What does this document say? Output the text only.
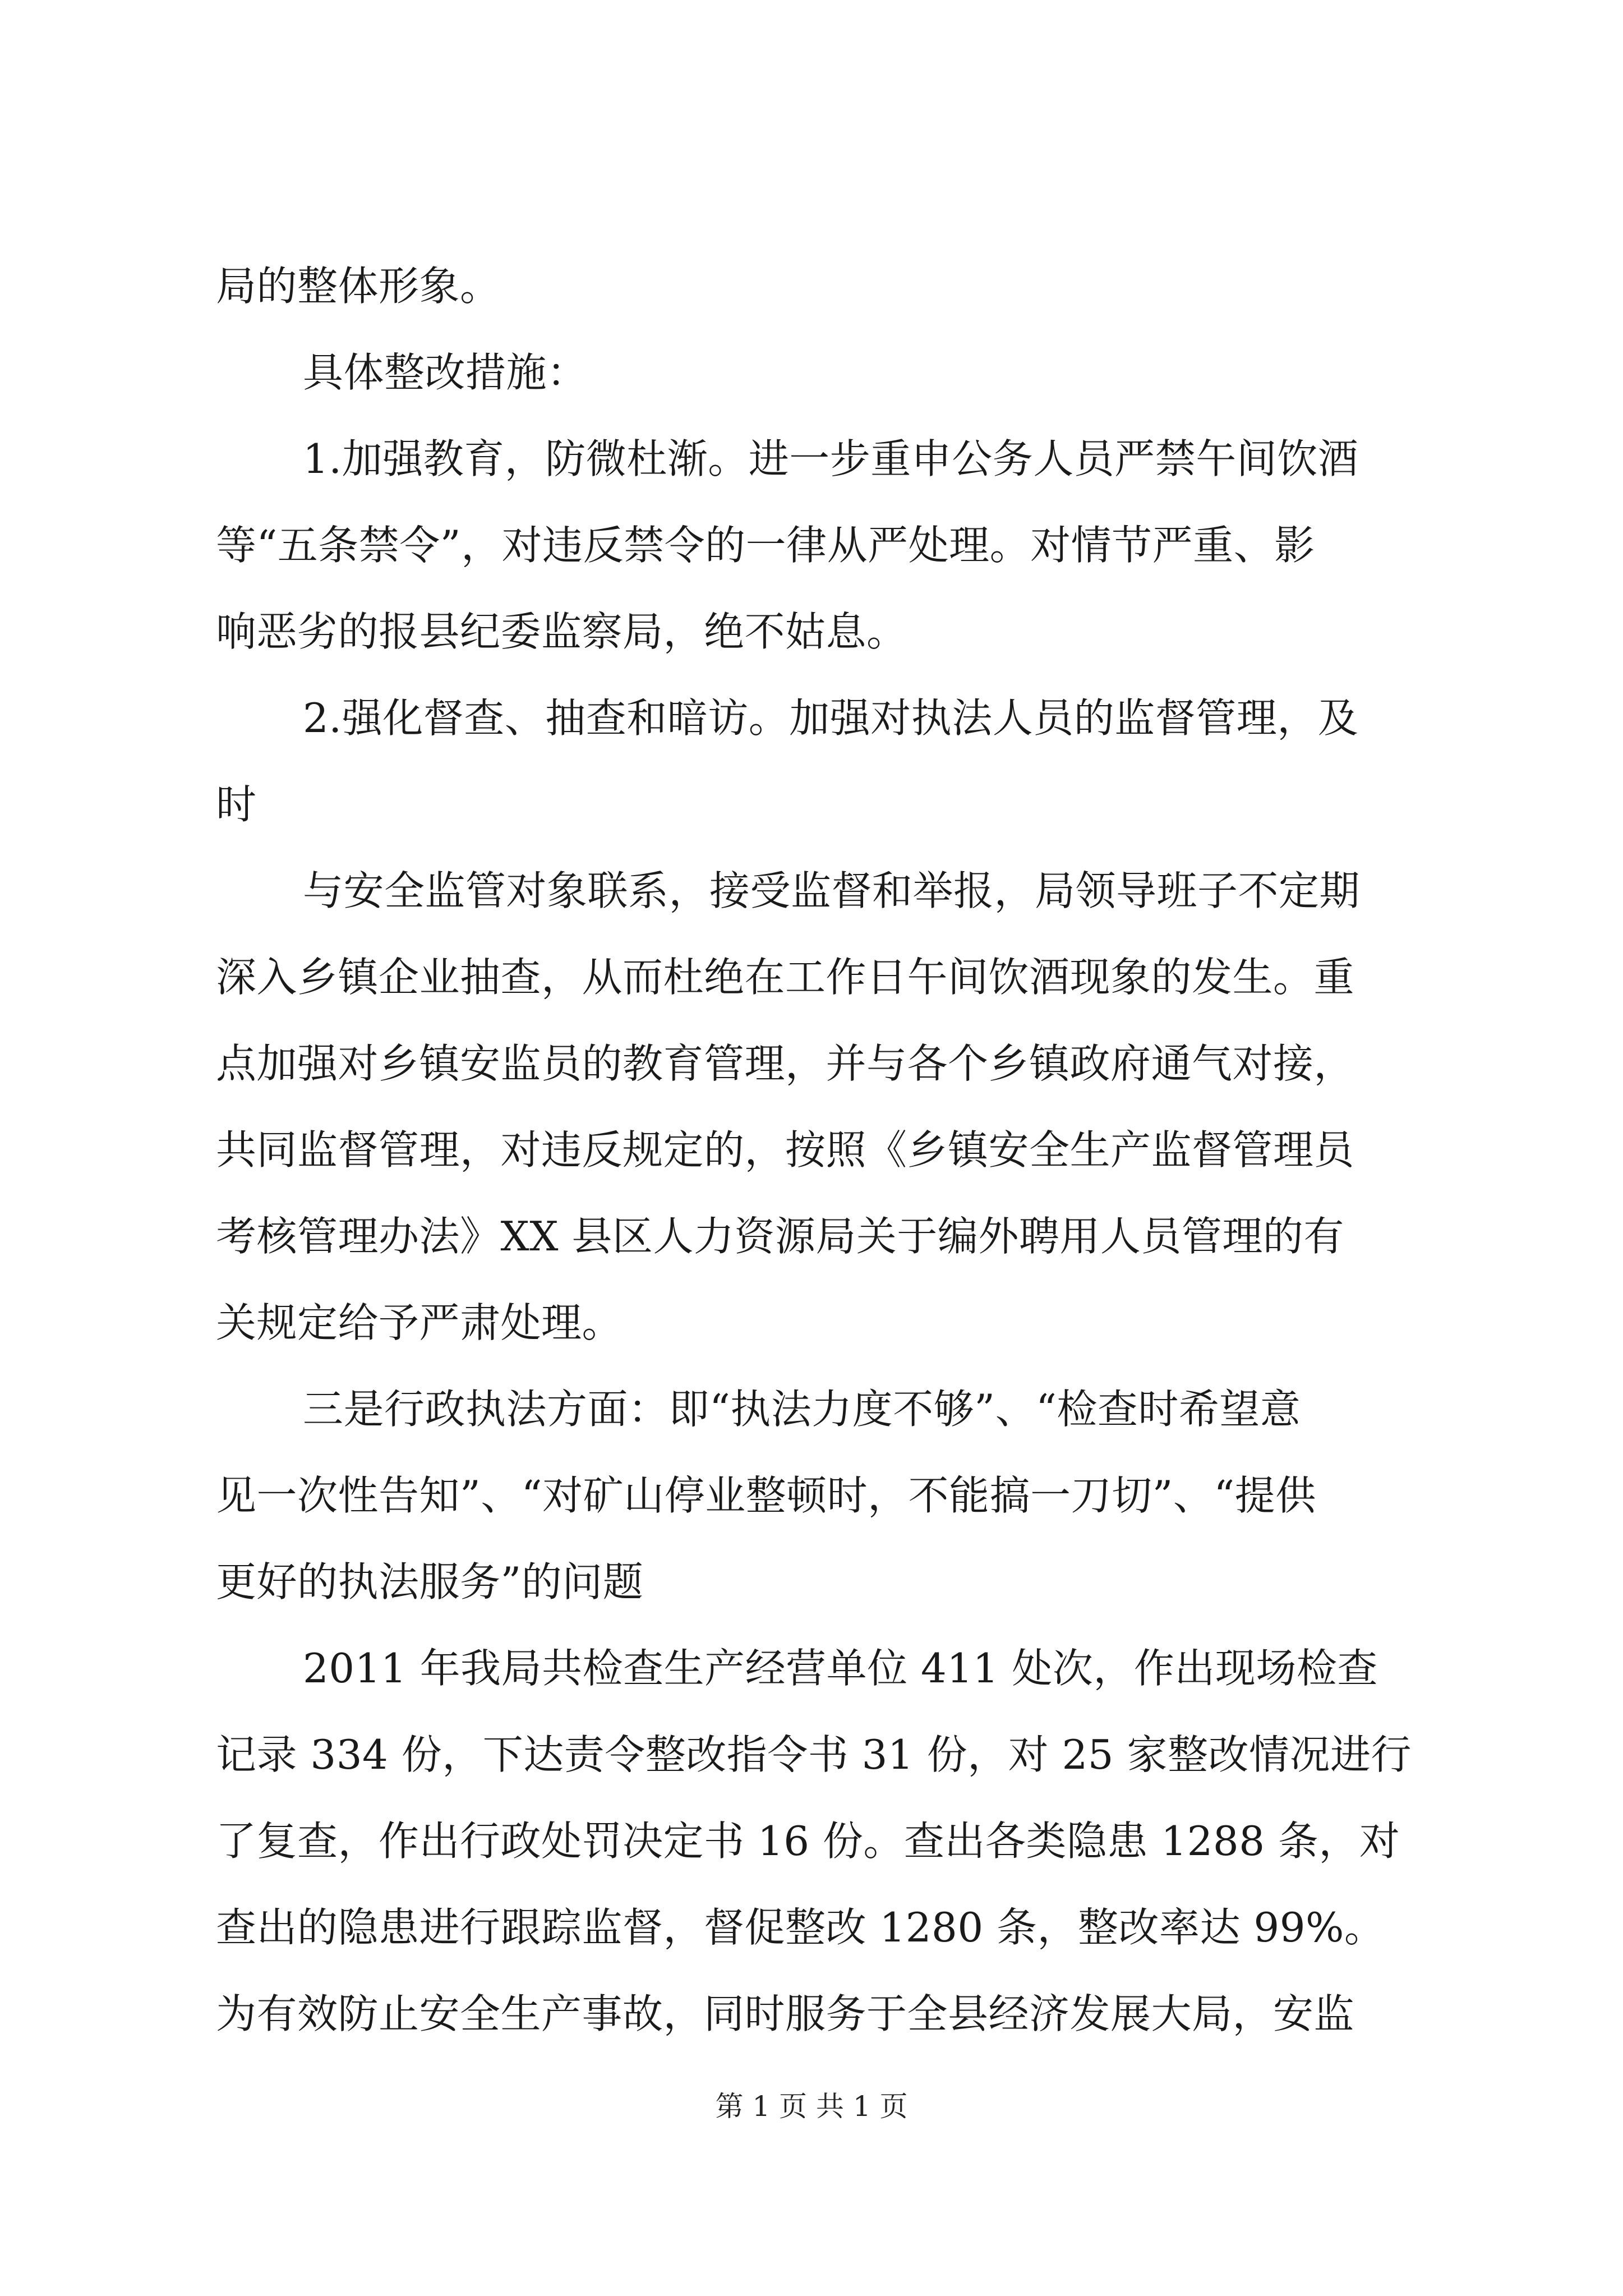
局的整体形象。
具体整改措施：
1.加强教育，防微杜渐。进一步重申公务人员严禁午间饮酒
等“五条禁令”，对违反禁令的一律从严处理。对情节严重、影
响恶劣的报县纪委监察局，绝不姑息。
2.强化督查、抽查和暗访。加强对执法人员的监督管理，及
时
与安全监管对象联系，接受监督和举报，局领导班子不定期
深入乡镇企业抽查，从而杜绝在工作日午间饮酒现象的发生。重
点加强对乡镇安监员的教育管理，并与各个乡镇政府通气对接，
共同监督管理，对违反规定的，按照《乡镇安全生产监督管理员
考核管理办法》XX 县区人力资源局关于编外聘用人员管理的有
关规定给予严肃处理。
三是行政执法方面：即“执法力度不够”、“检查时希望意
见一次性告知”、“对矿山停业整顿时，不能搞一刀切”、“提供
更好的执法服务”的问题
2011 年我局共检查生产经营单位 411 处次，作出现场检查
记录 334 份，下达责令整改指令书 31 份，对 25 家整改情况进行
了复查，作出行政处罚决定书 16 份。查出各类隐患 1288 条，对
查出的隐患进行跟踪监督，督促整改 1280 条，整改率达 99%。
为有效防止安全生产事故，同时服务于全县经济发展大局，安监
第 1 页 共 1 页
